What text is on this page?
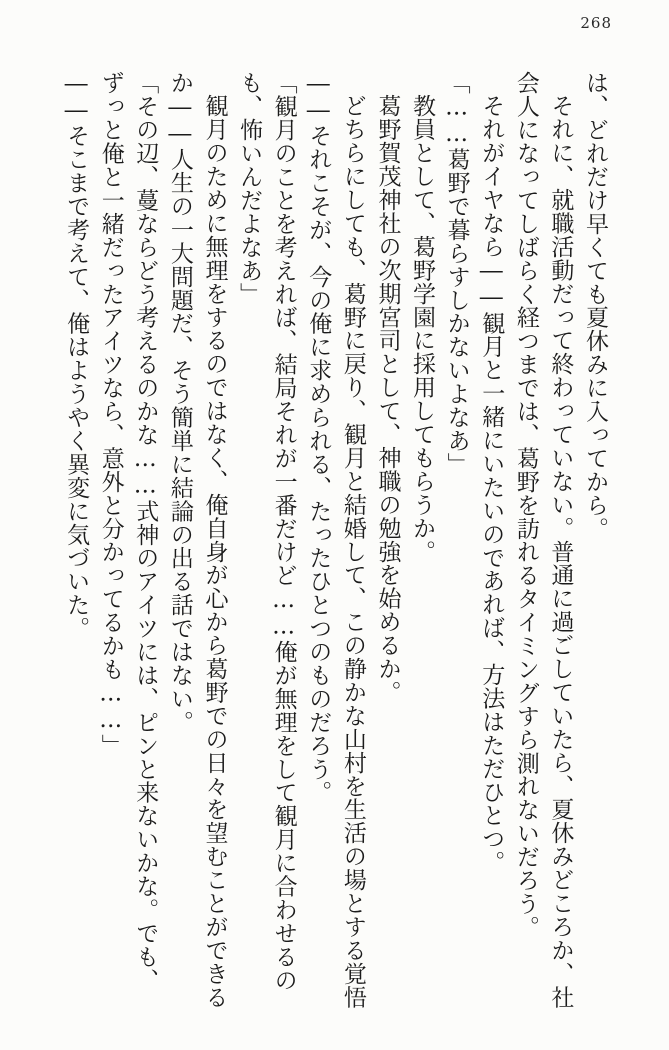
268

は、どれだけ早くても夏休みに入ってから。

それに、就職活動だって終わっていない。普通に過ごしていたら、夏休みどころか、社会人になってしばらく経つまでは、葛野を訪れるタイミングすら測れないだろう。

それがイヤなら――観月と一緒にいたいのであれば、方法はただひとつ。

「……葛野で暮らすしかないよなあ」

教員として、葛野学園に採用してもらうか。

葛野賀茂神社の次期宮司として、神職の勉強を始めるか。

どちらにしても、葛野に戻り、観月と結婚して、この静かな山村を生活の場とする覚悟――それこそが、今の俺に求められる、たったひとつのものだろう。

「観月のことを考えれば、結局それが一番だけど……俺が無理をして観月に合わせるのも、怖いんだよなあ」

観月のために無理をするのではなく、俺自身が心から葛野での日々を望むことができるか――人生の一大問題だ、そう簡単に結論の出る話ではない。

「その辺、蔓ならどう考えるのかな……式神のアイツには、ピンと来ないかな。でも、ずっと俺と一緒だったアイツなら、意外と分かってるかも……」

――そこまで考えて、俺はようやく異変に気づいた。
